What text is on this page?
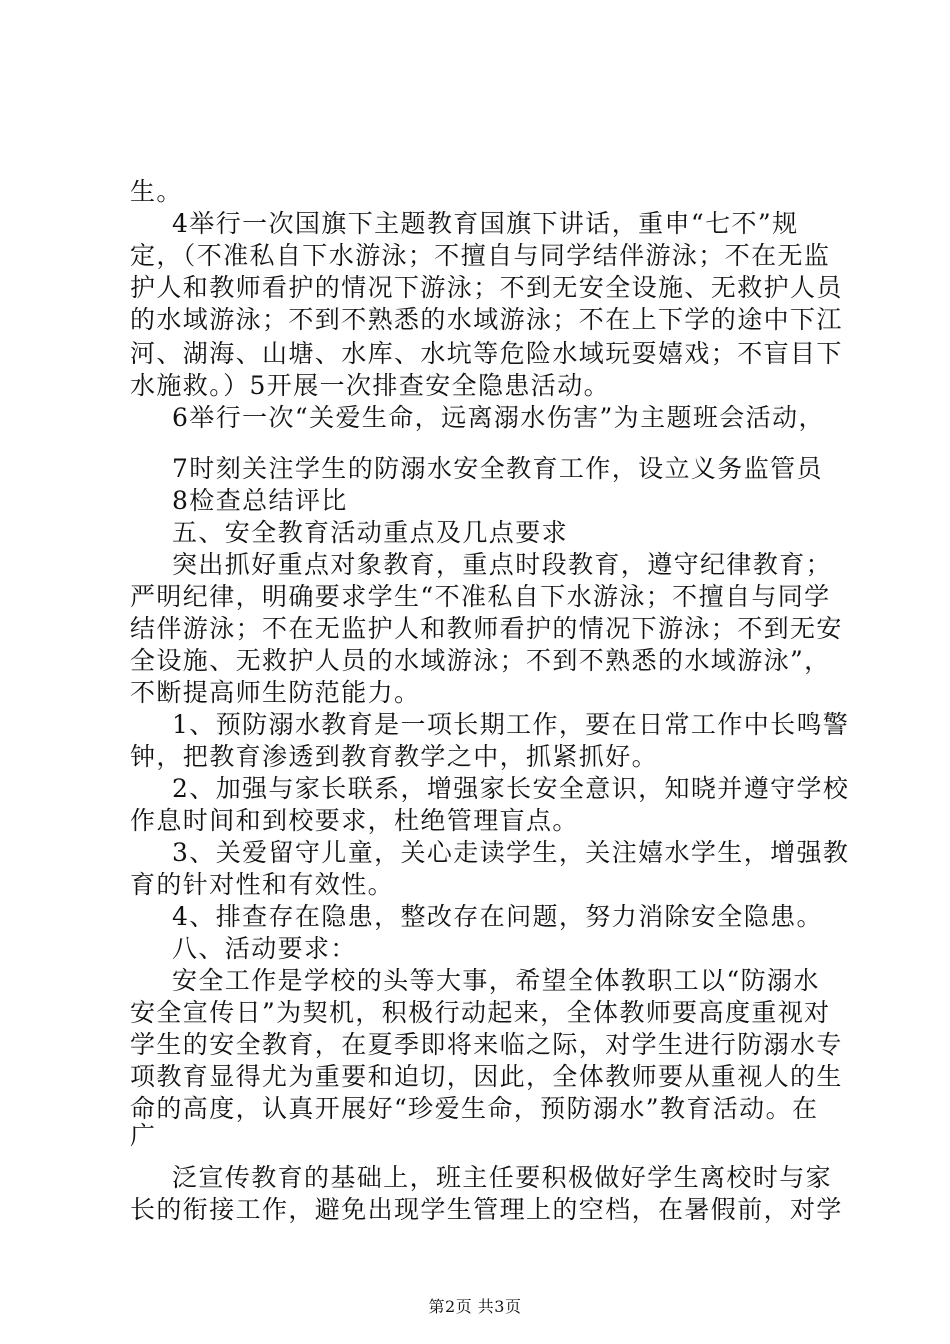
生。
4举行一次国旗下主题教育国旗下讲话，重申“七不”规
定，（不准私自下水游泳；不擅自与同学结伴游泳；不在无监
护人和教师看护的情况下游泳；不到无安全设施、无救护人员
的水域游泳；不到不熟悉的水域游泳；不在上下学的途中下江
河、湖海、山塘、水库、水坑等危险水域玩耍嬉戏；不盲目下
水施救。）5开展一次排查安全隐患活动。
6举行一次“关爱生命，远离溺水伤害”为主题班会活动，
7时刻关注学生的防溺水安全教育工作，设立义务监管员
8检查总结评比
五、安全教育活动重点及几点要求
突出抓好重点对象教育，重点时段教育，遵守纪律教育；
严明纪律，明确要求学生“不准私自下水游泳；不擅自与同学
结伴游泳；不在无监护人和教师看护的情况下游泳；不到无安
全设施、无救护人员的水域游泳；不到不熟悉的水域游泳”，
不断提高师生防范能力。
1、预防溺水教育是一项长期工作，要在日常工作中长鸣警
钟，把教育渗透到教育教学之中，抓紧抓好。
2、加强与家长联系，增强家长安全意识，知晓并遵守学校
作息时间和到校要求，杜绝管理盲点。
3、关爱留守儿童，关心走读学生，关注嬉水学生，增强教
育的针对性和有效性。
4、排查存在隐患，整改存在问题，努力消除安全隐患。
八、活动要求：
安全工作是学校的头等大事，希望全体教职工以“防溺水
安全宣传日”为契机，积极行动起来，全体教师要高度重视对
学生的安全教育，在夏季即将来临之际，对学生进行防溺水专
项教育显得尤为重要和迫切，因此，全体教师要从重视人的生
命的高度，认真开展好“珍爱生命，预防溺水”教育活动。在
广
泛宣传教育的基础上，班主任要积极做好学生离校时与家
长的衔接工作，避免出现学生管理上的空档，在暑假前，对学
第2页 共3页
